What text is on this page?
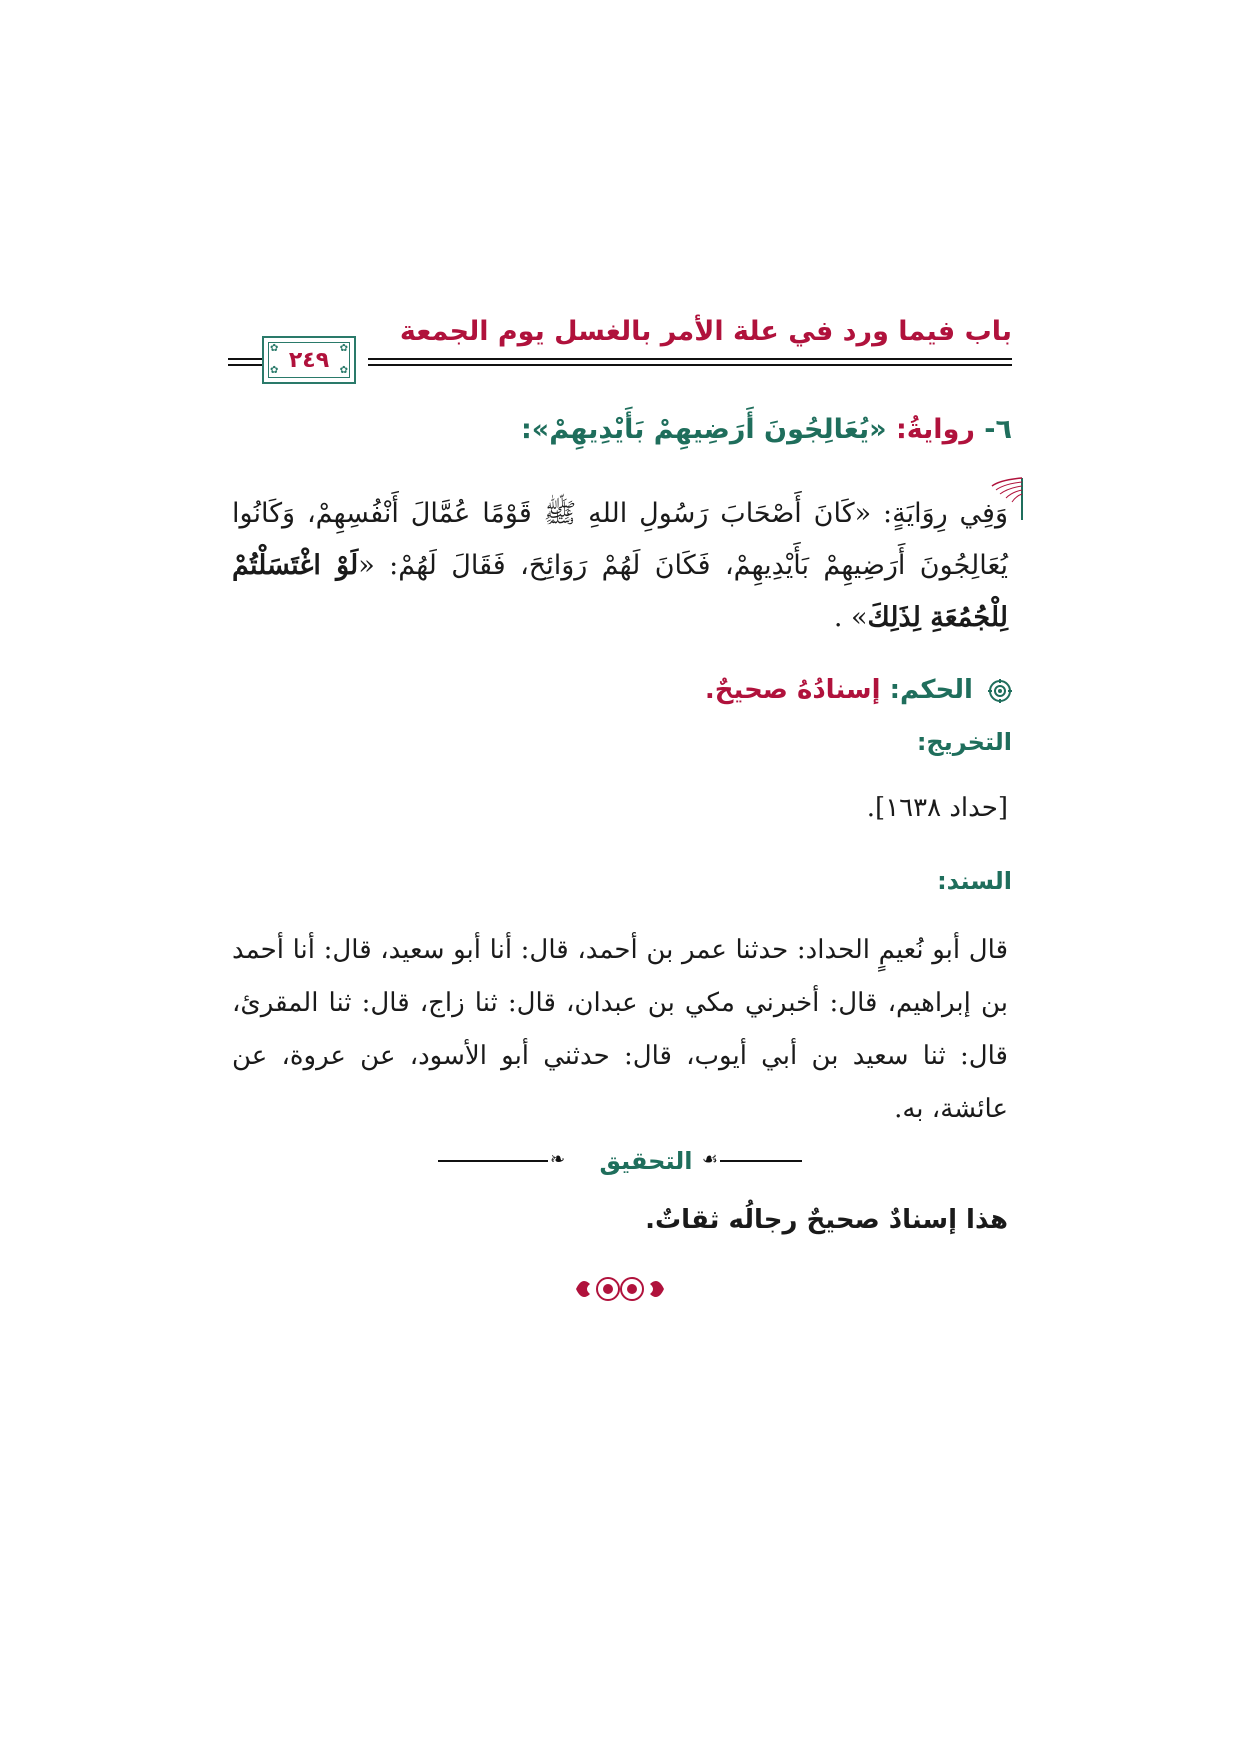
باب فيما ورد في علة الأمر بالغسل يوم الجمعة
✿	✿
✿	✿
٢٤٩
٦- روايةُ: «يُعَالِجُونَ أَرَضِيهِمْ بَأَيْدِيهِمْ»:
وَفِي رِوَايَةٍ: «كَانَ أَصْحَابَ رَسُولِ اللهِ ﷺ قَوْمًا عُمَّالَ أَنْفُسِهِمْ، وَكَانُوا يُعَالِجُونَ أَرَضِيهِمْ بَأَيْدِيهِمْ، فَكَانَ لَهُمْ رَوَائِحَ، فَقَالَ لَهُمْ: «لَوْ اغْتَسَلْتُمْ لِلْجُمُعَةِ لِذَلِكَ» .
الحكم: إسنادُهُ صحيحٌ.
التخريج:
[حداد ١٦٣٨].
السند:
قال أبو نُعيمٍ الحداد: حدثنا عمر بن أحمد، قال: أنا أبو سعيد، قال: أنا أحمد بن إبراهيم، قال: أخبرني مكي بن عبدان، قال: ثنا زاج، قال: ثنا المقرئ، قال: ثنا سعيد بن أبي أيوب، قال: حدثني أبو الأسود، عن عروة، عن عائشة، به.
❧	التحقيق ☙
هذا إسنادٌ صحيحٌ رجالُه ثقاتٌ.
